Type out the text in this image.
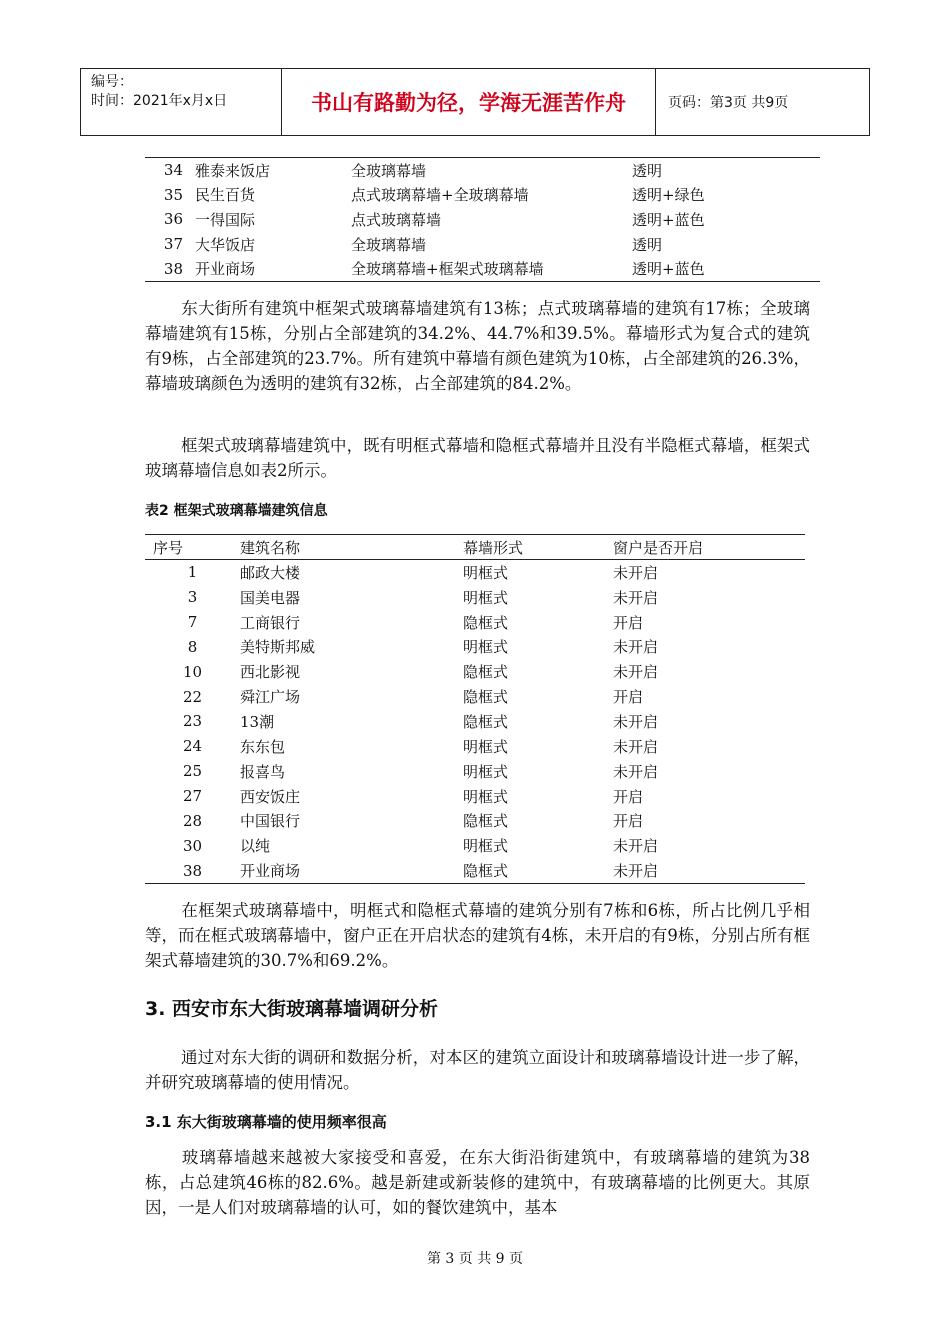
编号：
时间：2021年x月x日	书山有路勤为径，学海无涯苦作舟	页码：第3页 共9页
34	雅泰来饭店	全玻璃幕墙	透明
35	民生百货	点式玻璃幕墙+全玻璃幕墙	透明+绿色
36	一得国际	点式玻璃幕墙	透明+蓝色
37	大华饭店	全玻璃幕墙	透明
38	开业商场	全玻璃幕墙+框架式玻璃幕墙	透明+蓝色

东大街所有建筑中框架式玻璃幕墙建筑有13栋；点式玻璃幕墙的建筑有17栋；全玻璃幕墙建筑有15栋，分别占全部建筑的34.2%、44.7%和39.5%。幕墙形式为复合式的建筑有9栋，占全部建筑的23.7%。所有建筑中幕墙有颜色建筑为10栋，占全部建筑的26.3%，幕墙玻璃颜色为透明的建筑有32栋，占全部建筑的84.2%。

框架式玻璃幕墙建筑中，既有明框式幕墙和隐框式幕墙并且没有半隐框式幕墙，框架式玻璃幕墙信息如表2所示。

表2 框架式玻璃幕墙建筑信息
序号	建筑名称	幕墙形式	窗户是否开启
1	邮政大楼	明框式	未开启
3	国美电器	明框式	未开启
7	工商银行	隐框式	开启
8	美特斯邦威	明框式	未开启
10	西北影视	隐框式	未开启
22	舜江广场	隐框式	开启
23	13潮	隐框式	未开启
24	东东包	明框式	未开启
25	报喜鸟	明框式	未开启
27	西安饭庄	明框式	开启
28	中国银行	隐框式	开启
30	以纯	明框式	未开启
38	开业商场	隐框式	未开启

在框架式玻璃幕墙中，明框式和隐框式幕墙的建筑分别有7栋和6栋，所占比例几乎相等，而在框式玻璃幕墙中，窗户正在开启状态的建筑有4栋，未开启的有9栋，分别占所有框架式幕墙建筑的30.7%和69.2%。

3. 西安市东大街玻璃幕墙调研分析

通过对东大街的调研和数据分析，对本区的建筑立面设计和玻璃幕墙设计进一步了解，并研究玻璃幕墙的使用情况。

3.1 东大街玻璃幕墙的使用频率很高

玻璃幕墙越来越被大家接受和喜爱，在东大街沿街建筑中，有玻璃幕墙的建筑为38栋，占总建筑46栋的82.6%。越是新建或新装修的建筑中，有玻璃幕墙的比例更大。其原因，一是人们对玻璃幕墙的认可，如的餐饮建筑中，基本

第 3 页 共 9 页
